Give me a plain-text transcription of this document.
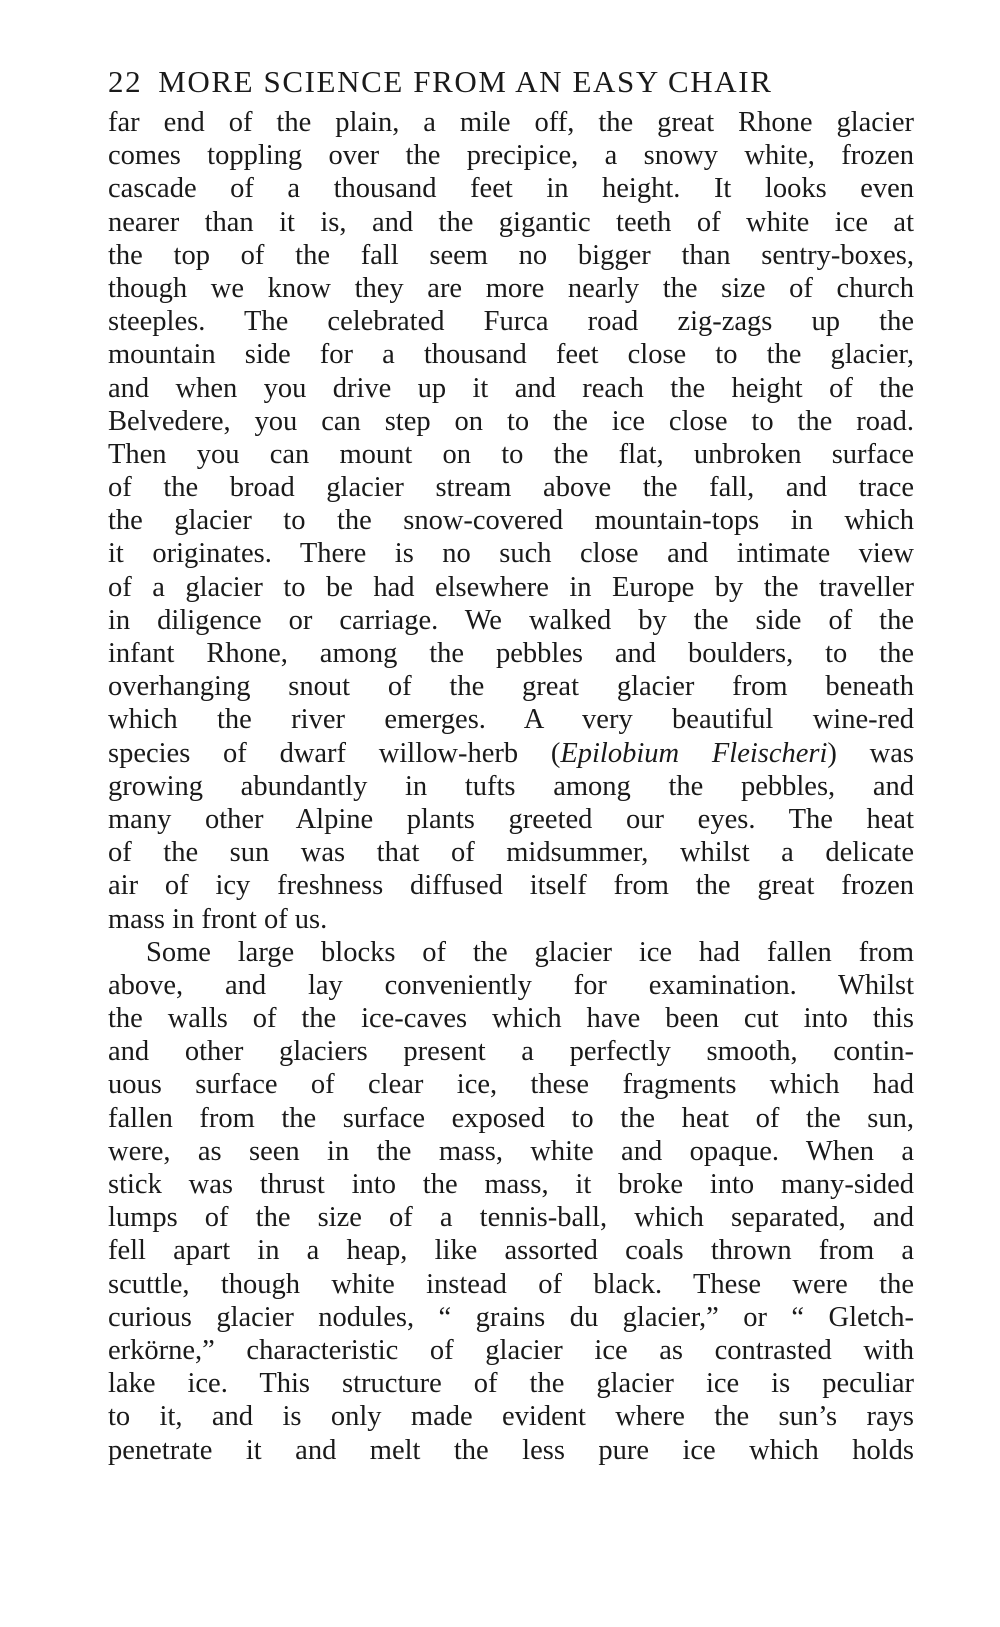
22 MORE SCIENCE FROM AN EASY CHAIR
far end of the plain, a mile off, the great Rhone glacier
comes toppling over the precipice, a snowy white, frozen
cascade of a thousand feet in height. It looks even
nearer than it is, and the gigantic teeth of white ice at
the top of the fall seem no bigger than sentry-boxes,
though we know they are more nearly the size of church
steeples. The celebrated Furca road zig-zags up the
mountain side for a thousand feet close to the glacier,
and when you drive up it and reach the height of the
Belvedere, you can step on to the ice close to the road.
Then you can mount on to the flat, unbroken surface
of the broad glacier stream above the fall, and trace
the glacier to the snow-covered mountain-tops in which
it originates. There is no such close and intimate view
of a glacier to be had elsewhere in Europe by the traveller
in diligence or carriage. We walked by the side of the
infant Rhone, among the pebbles and boulders, to the
overhanging snout of the great glacier from beneath
which the river emerges. A very beautiful wine-red
species of dwarf willow-herb (Epilobium Fleischeri) was
growing abundantly in tufts among the pebbles, and
many other Alpine plants greeted our eyes. The heat
of the sun was that of midsummer, whilst a delicate
air of icy freshness diffused itself from the great frozen
mass in front of us.
Some large blocks of the glacier ice had fallen from
above, and lay conveniently for examination. Whilst
the walls of the ice-caves which have been cut into this
and other glaciers present a perfectly smooth, contin-
uous surface of clear ice, these fragments which had
fallen from the surface exposed to the heat of the sun,
were, as seen in the mass, white and opaque. When a
stick was thrust into the mass, it broke into many-sided
lumps of the size of a tennis-ball, which separated, and
fell apart in a heap, like assorted coals thrown from a
scuttle, though white instead of black. These were the
curious glacier nodules, “ grains du glacier,” or “ Gletch-
erkörne,” characteristic of glacier ice as contrasted with
lake ice. This structure of the glacier ice is peculiar
to it, and is only made evident where the sun’s rays
penetrate it and melt the less pure ice which holds
